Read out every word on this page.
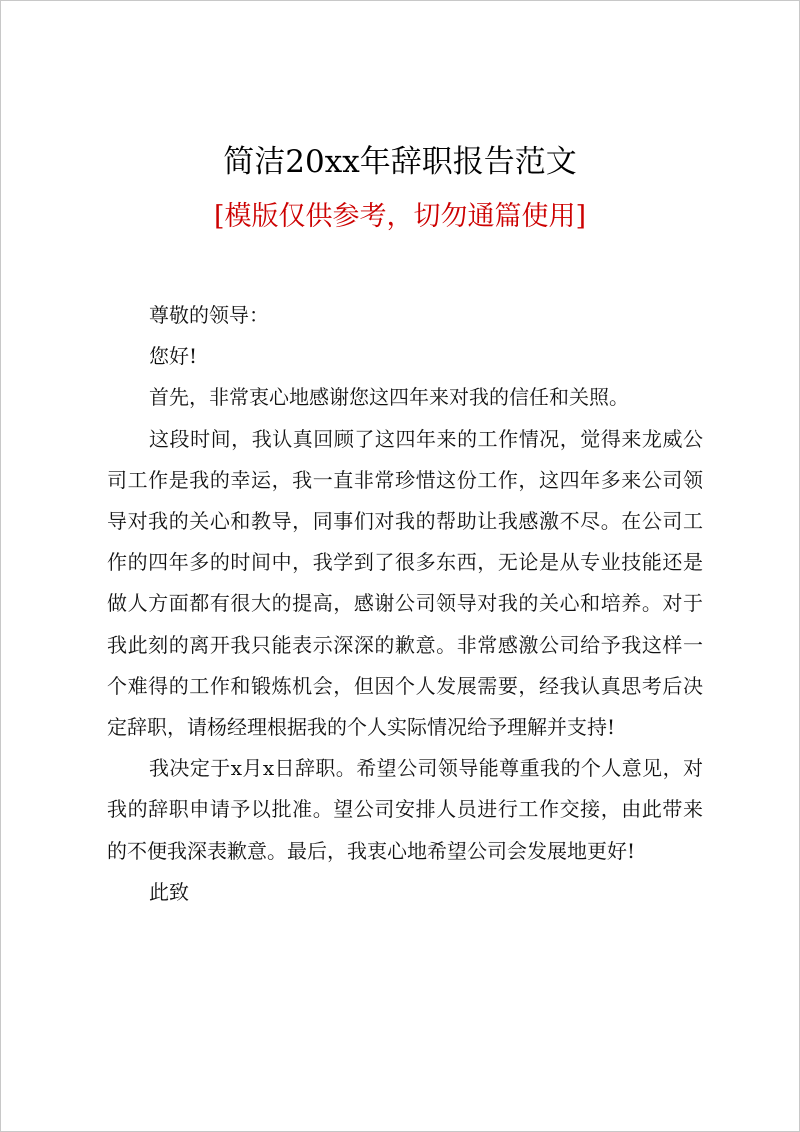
简洁20xx年辞职报告范文
[模版仅供参考，切勿通篇使用]

尊敬的领导：

您好!

首先，非常衷心地感谢您这四年来对我的信任和关照。

这段时间，我认真回顾了这四年来的工作情况，觉得来龙威公司工作是我的幸运，我一直非常珍惜这份工作，这四年多来公司领导对我的关心和教导，同事们对我的帮助让我感激不尽。在公司工作的四年多的时间中，我学到了很多东西，无论是从专业技能还是做人方面都有很大的提高，感谢公司领导对我的关心和培养。对于我此刻的离开我只能表示深深的歉意。非常感激公司给予我这样一个难得的工作和锻炼机会，但因个人发展需要，经我认真思考后决定辞职，请杨经理根据我的个人实际情况给予理解并支持!

我决定于x月x日辞职。希望公司领导能尊重我的个人意见，对我的辞职申请予以批准。望公司安排人员进行工作交接，由此带来的不便我深表歉意。最后，我衷心地希望公司会发展地更好!

此致
